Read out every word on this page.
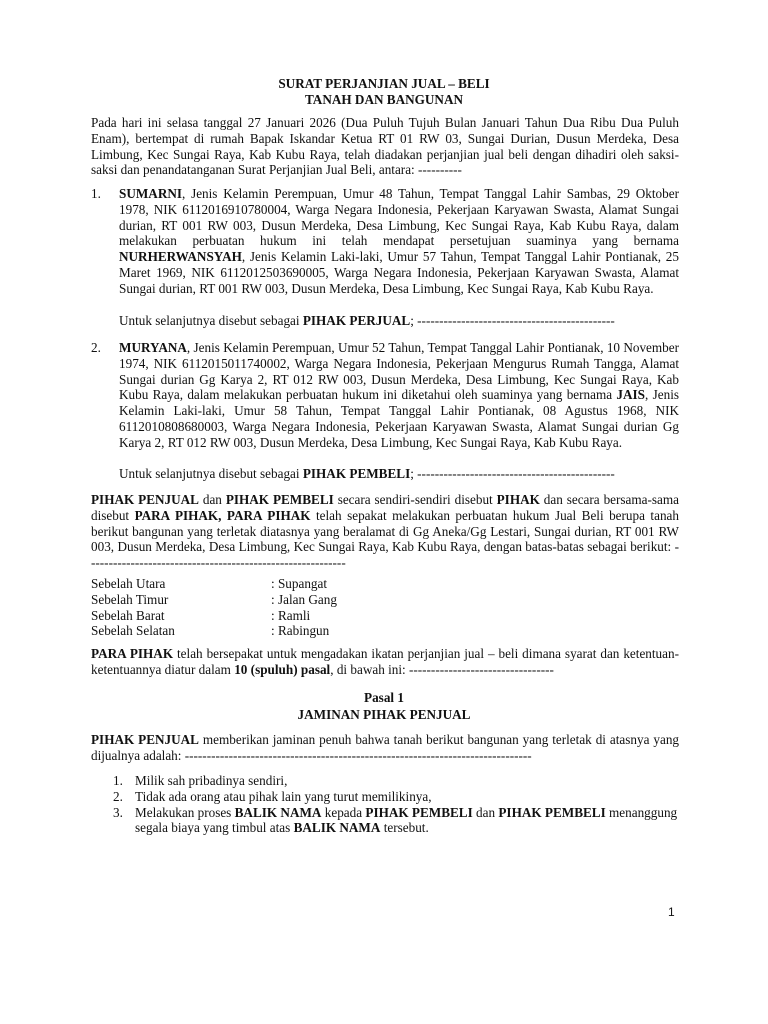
SURAT PERJANJIAN JUAL – BELI
TANAH DAN BANGUNAN
Pada hari ini selasa tanggal 27 Januari 2026 (Dua Puluh Tujuh Bulan Januari Tahun Dua Ribu Dua Puluh Enam), bertempat di rumah Bapak Iskandar Ketua RT 01 RW 03, Sungai Durian, Dusun Merdeka, Desa Limbung, Kec Sungai Raya, Kab Kubu Raya, telah diadakan perjanjian jual beli dengan dihadiri oleh saksi-saksi dan penandatanganan Surat Perjanjian Jual Beli, antara: ----------
1. SUMARNI, Jenis Kelamin Perempuan, Umur 48 Tahun, Tempat Tanggal Lahir Sambas, 29 Oktober 1978, NIK 6112016910780004, Warga Negara Indonesia, Pekerjaan Karyawan Swasta, Alamat Sungai durian, RT 001 RW 003, Dusun Merdeka, Desa Limbung, Kec Sungai Raya, Kab Kubu Raya, dalam melakukan perbuatan hukum ini telah mendapat persetujuan suaminya yang bernama NURHERWANSYAH, Jenis Kelamin Laki-laki, Umur 57 Tahun, Tempat Tanggal Lahir Pontianak, 25 Maret 1969, NIK 6112012503690005, Warga Negara Indonesia, Pekerjaan Karyawan Swasta, Alamat Sungai durian, RT 001 RW 003, Dusun Merdeka, Desa Limbung, Kec Sungai Raya, Kab Kubu Raya.
Untuk selanjutnya disebut sebagai PIHAK PERJUAL; ---------------------------------------------
2. MURYANA, Jenis Kelamin Perempuan, Umur 52 Tahun, Tempat Tanggal Lahir Pontianak, 10 November 1974, NIK 6112015011740002, Warga Negara Indonesia, Pekerjaan Mengurus Rumah Tangga, Alamat Sungai durian Gg Karya 2, RT 012 RW 003, Dusun Merdeka, Desa Limbung, Kec Sungai Raya, Kab Kubu Raya, dalam melakukan perbuatan hukum ini diketahui oleh suaminya yang bernama JAIS, Jenis Kelamin Laki-laki, Umur 58 Tahun, Tempat Tanggal Lahir Pontianak, 08 Agustus 1968, NIK 6112010808680003, Warga Negara Indonesia, Pekerjaan Karyawan Swasta, Alamat Sungai durian Gg Karya 2, RT 012 RW 003, Dusun Merdeka, Desa Limbung, Kec Sungai Raya, Kab Kubu Raya.
Untuk selanjutnya disebut sebagai PIHAK PEMBELI; ---------------------------------------------
PIHAK PENJUAL dan PIHAK PEMBELI secara sendiri-sendiri disebut PIHAK dan secara bersama-sama disebut PARA PIHAK, PARA PIHAK telah sepakat melakukan perbuatan hukum Jual Beli berupa tanah berikut bangunan yang terletak diatasnya yang beralamat di Gg Aneka/Gg Lestari, Sungai durian, RT 001 RW 003, Dusun Merdeka, Desa Limbung, Kec Sungai Raya, Kab Kubu Raya, dengan batas-batas sebagai berikut: -----------------------------------------------------------
Sebelah Utara	: Supangat
Sebelah Timur	: Jalan Gang
Sebelah Barat	: Ramli
Sebelah Selatan	: Rabingun
PARA PIHAK telah bersepakat untuk mengadakan ikatan perjanjian jual – beli dimana syarat dan ketentuan-ketentuannya diatur dalam 10 (spuluh) pasal, di bawah ini: ---------------------------------
Pasal 1
JAMINAN PIHAK PENJUAL
PIHAK PENJUAL memberikan jaminan penuh bahwa tanah berikut bangunan yang terletak di atasnya yang dijualnya adalah: -------------------------------------------------------------------------------
1. Milik sah pribadinya sendiri,
2. Tidak ada orang atau pihak lain yang turut memilikinya,
3. Melakukan proses BALIK NAMA kepada PIHAK PEMBELI dan PIHAK PEMBELI menanggung segala biaya yang timbul atas BALIK NAMA tersebut.
1
